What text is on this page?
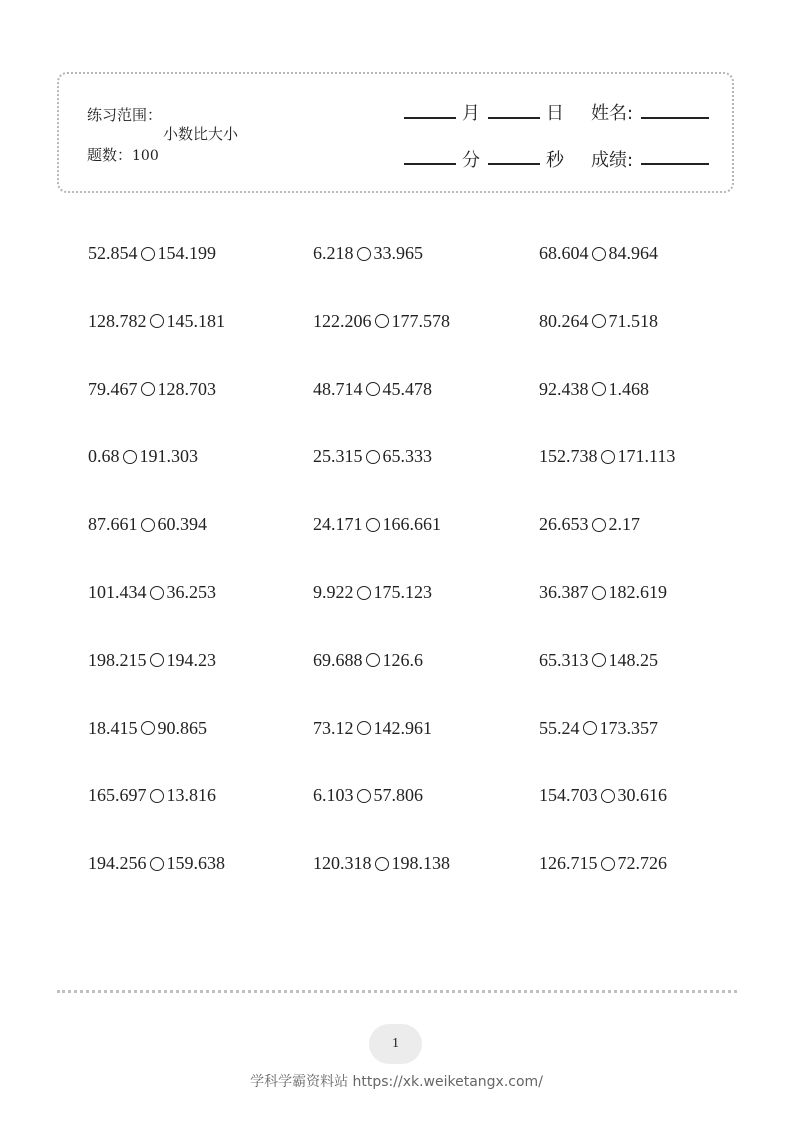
练习范围：
小数比大小
题数：100
月	日 姓名:
分	秒 成绩:
52.854 154.199	6.218 33.965	68.604 84.964
128.782 145.181	122.206 177.578	80.264 71.518
79.467 128.703	48.714 45.478	92.438 1.468
0.68 191.303	25.315 65.333	152.738 171.113
87.661 60.394	24.171 166.661	26.653 2.17
101.434 36.253	9.922 175.123	36.387 182.619
198.215 194.23	69.688 126.6	65.313 148.25
18.415 90.865	73.12 142.961	55.24 173.357
165.697 13.816	6.103 57.806	154.703 30.616
194.256 159.638	120.318 198.138	126.715 72.726
1
学科学霸资料站 https://xk.weiketangx.com/
